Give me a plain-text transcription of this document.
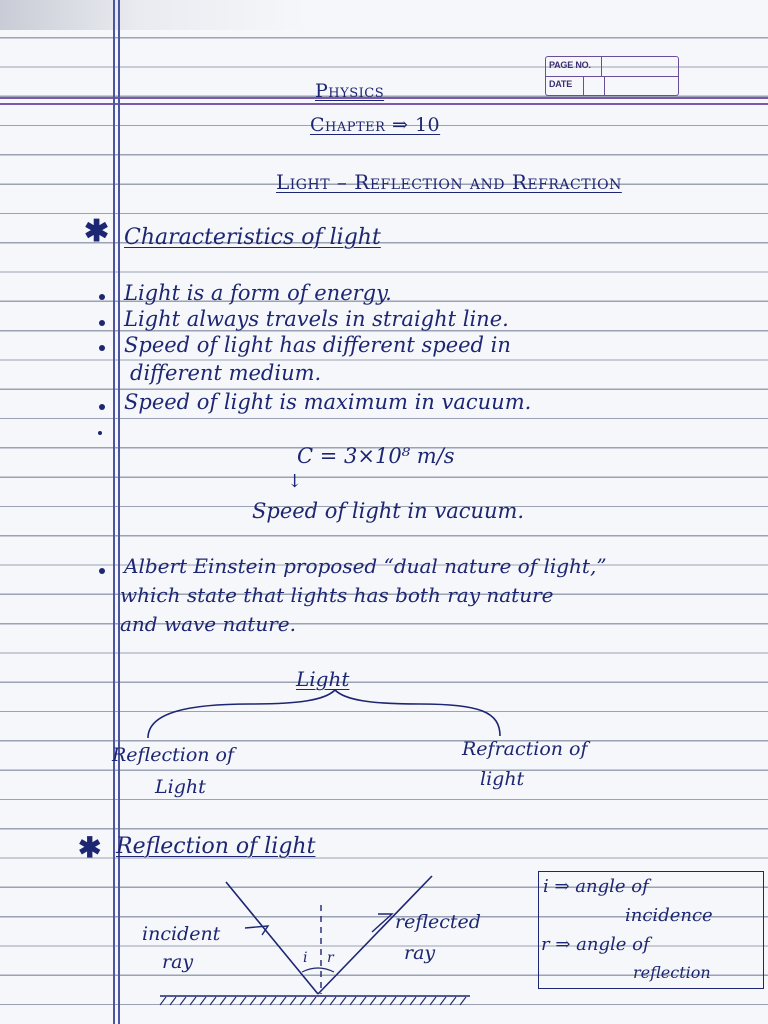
PAGE NO.
DATE
Physics
Chapter ⇒ 10
Light – Reflection and Refraction
✱ Characteristics of light
Light is a form of energy.
Light always travels in straight line.
Speed of light has different speed in
different medium.
Speed of light is maximum in vacuum.
C = 3×10⁸ m/s
↓
Speed of light in vacuum.
Albert Einstein proposed “dual nature of light,”
which state that lights has both ray nature
and wave nature.
Light
Reflection of
Light
Refraction of
light
✱ Reflection of light
incident
ray
reflected
ray
i r
i ⇒ angle of
incidence
r ⇒ angle of
reflection
